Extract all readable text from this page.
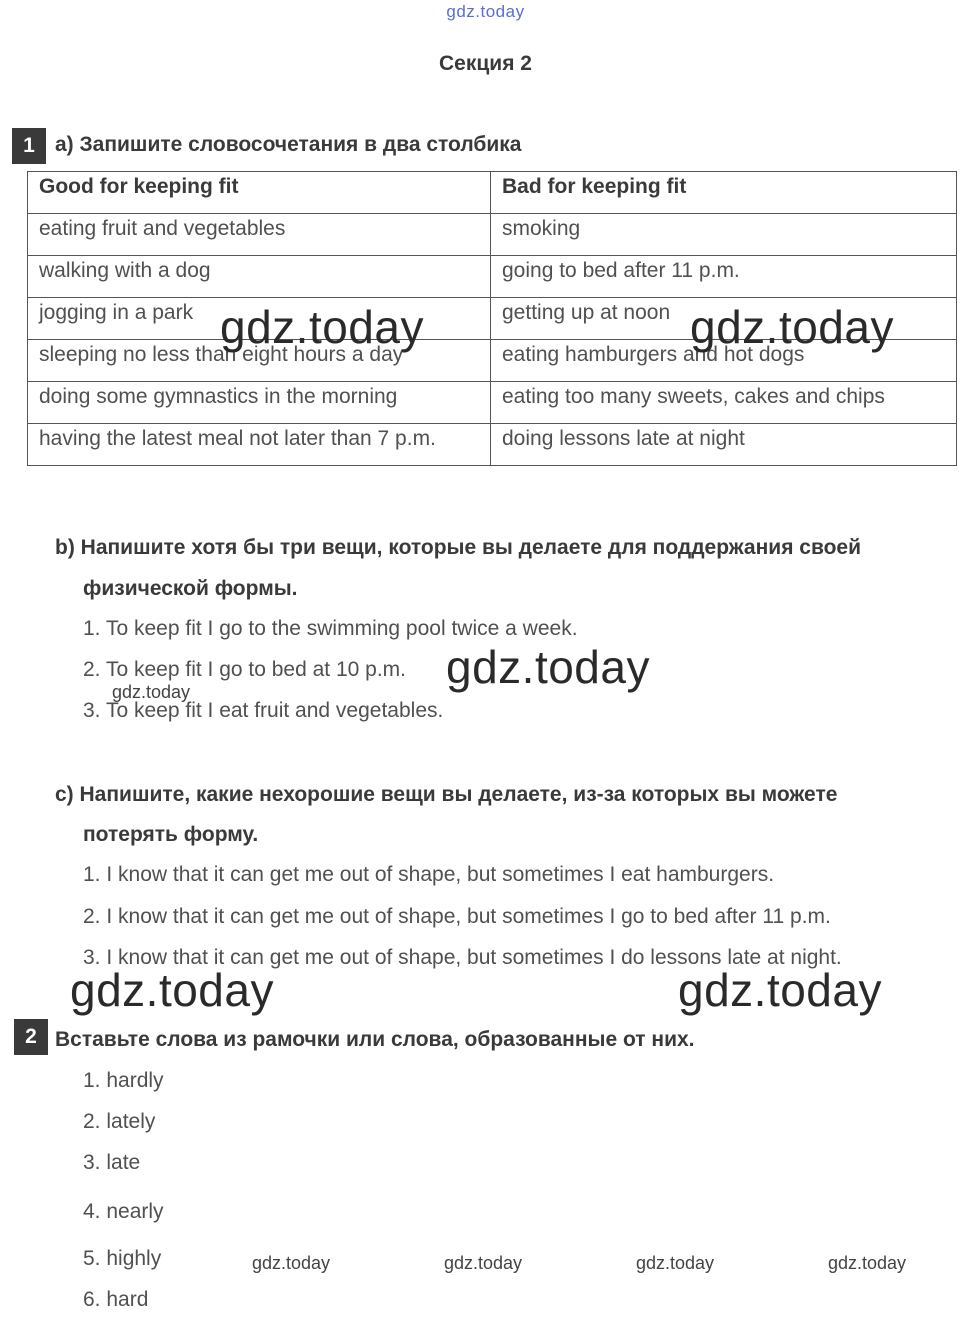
gdz.today
Секция 2
1 а) Запишите словосочетания в два столбика
Good for keeping fit	Bad for keeping fit
eating fruit and vegetables	smoking
walking with a dog	going to bed after 11 p.m.
jogging in a park	getting up at noon
sleeping no less than eight hours a day	eating hamburgers and hot dogs
doing some gymnastics in the morning	eating too many sweets, cakes and chips
having the latest meal not later than 7 p.m.	doing lessons late at night
b) Напишите хотя бы три вещи, которые вы делаете для поддержания своей
физической формы.
1. To keep fit I go to the swimming pool twice a week.
2. To keep fit I go to bed at 10 p.m.
3. To keep fit I eat fruit and vegetables.
c) Напишите, какие нехорошие вещи вы делаете, из-за которых вы можете
потерять форму.
1. I know that it can get me out of shape, but sometimes I eat hamburgers.
2. I know that it can get me out of shape, but sometimes I go to bed after 11 p.m.
3. I know that it can get me out of shape, but sometimes I do lessons late at night.
2 Вставьте слова из рамочки или слова, образованные от них.
1. hardly
2. lately
3. late
4. nearly
5. highly
6. hard
gdz.today	gdz.today
gdz.today
gdz.today
gdz.today	gdz.today
gdz.today	gdz.today	gdz.today	gdz.today
